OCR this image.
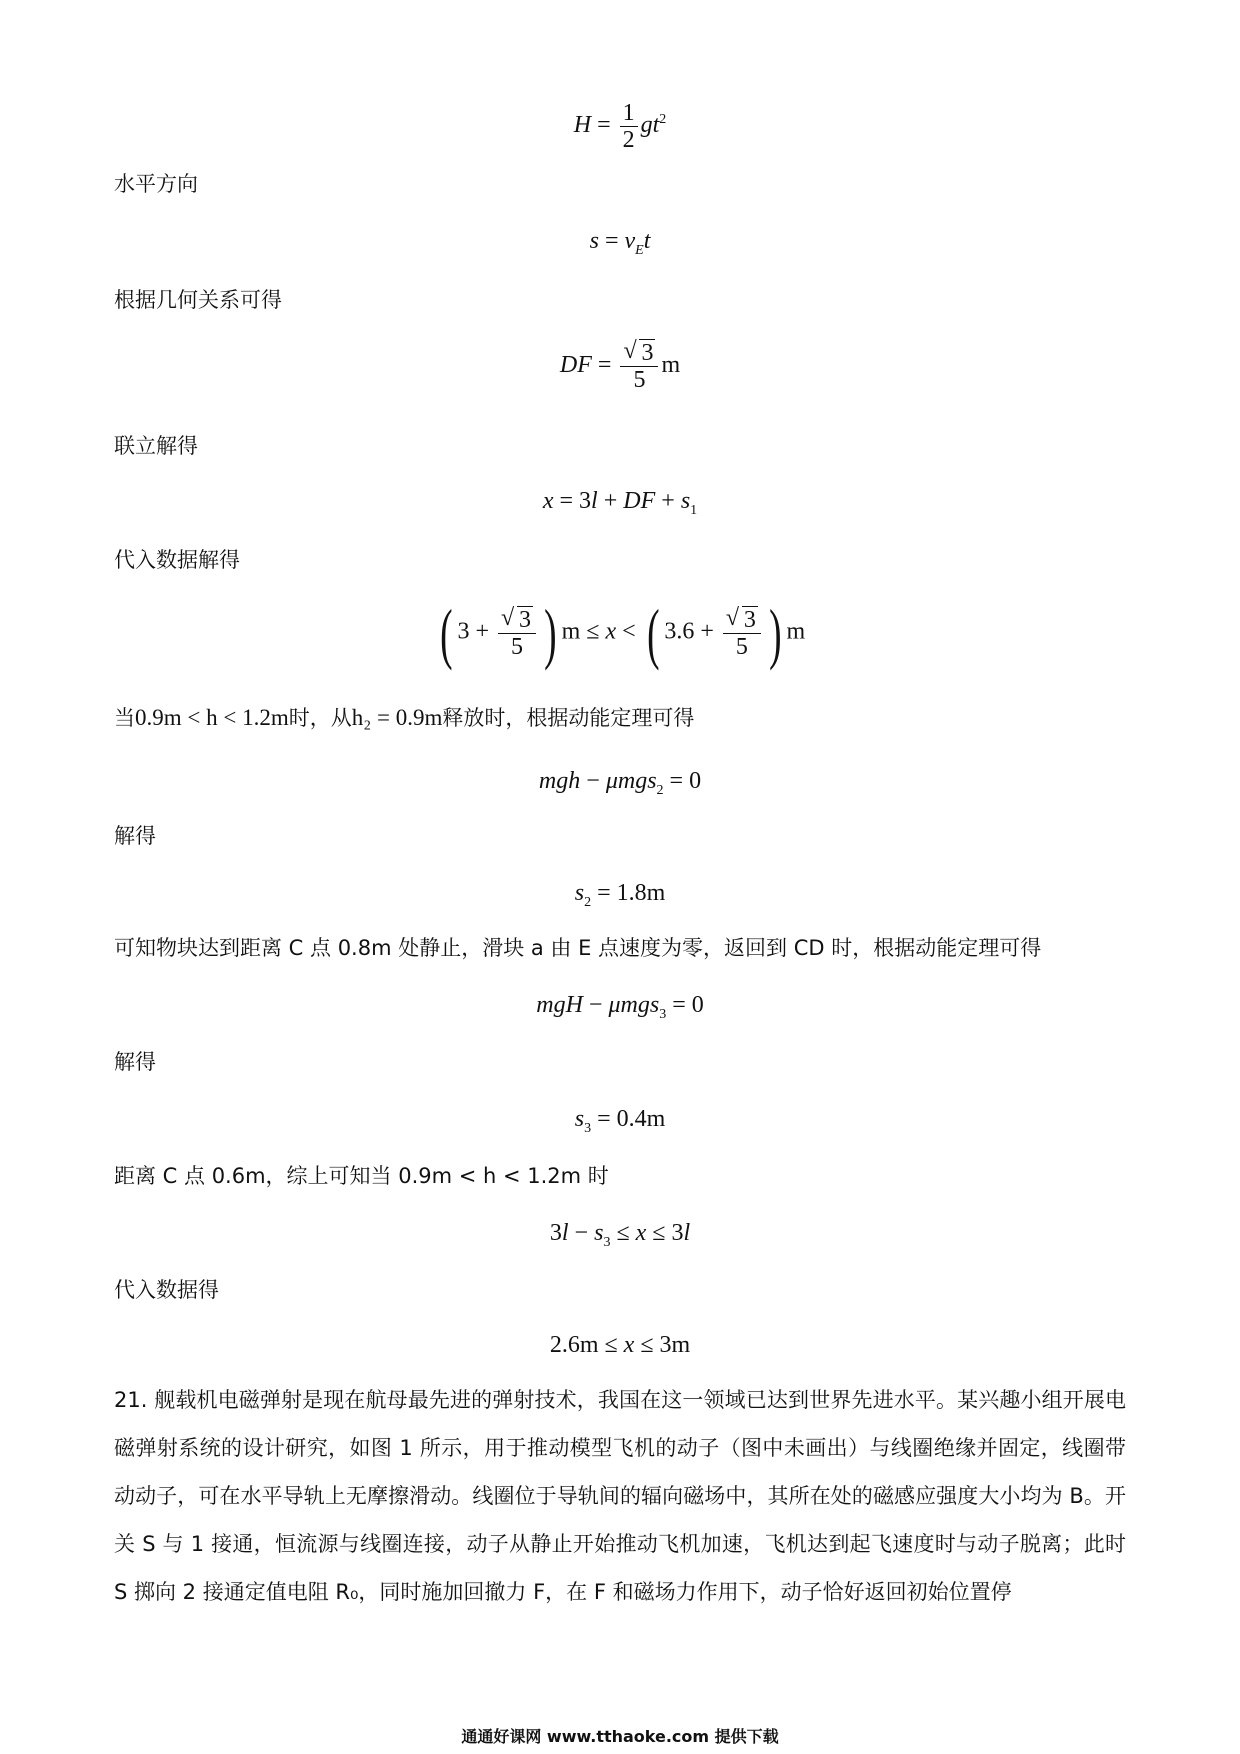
$H = \frac{1}{2} gt^2$
水平方向
$s = v_Et$
根据几何关系可得
DF = √ $\frac{3}{5}$ m
联立解得
x = 3l + DF + $s_1$
代入数据解得
( 3 + √ $\frac{3}{5}$ ) m ≤ x < ( 3.6 + √ $\frac{3}{5}$ ) m
当0.9m < h < 1.2m时，从h₂ = 0.9m释放时，根据动能定理可得
mgh − μmgs$_2$ = 0
解得
$s_2 = 1.8m$
可知物块达到距离 C 点 0.8m 处静止，滑块 a 由 E 点速度为零，返回到 CD 时，根据动能定理可得
mgH − μmgs$_3$ = 0
解得
$s_3 = 0.4m$
距离 C 点 0.6m，综上可知当 0.9m < h < 1.2m 时
$3l - s_3 \le x \le 3l$
代入数据得
2.6m ≤ x ≤ 3m
21. 舰载机电磁弹射是现在航母最先进的弹射技术，我国在这一领域已达到世界先进水平。某兴趣小组开展电磁弹射系统的设计研究，如图 1 所示，用于推动模型飞机的动子（图中未画出）与线圈绝缘并固定，线圈带动动子，可在水平导轨上无摩擦滑动。线圈位于导轨间的辐向磁场中，其所在处的磁感应强度大小均为 B。开关 S 与 1 接通，恒流源与线圈连接，动子从静止开始推动飞机加速，飞机达到起飞速度时与动子脱离；此时 S 掷向 2 接通定值电阻 R₀，同时施加回撤力 F，在 F 和磁场力作用下，动子恰好返回初始位置停
通通好课网 www.tthaoke.com 提供下载
